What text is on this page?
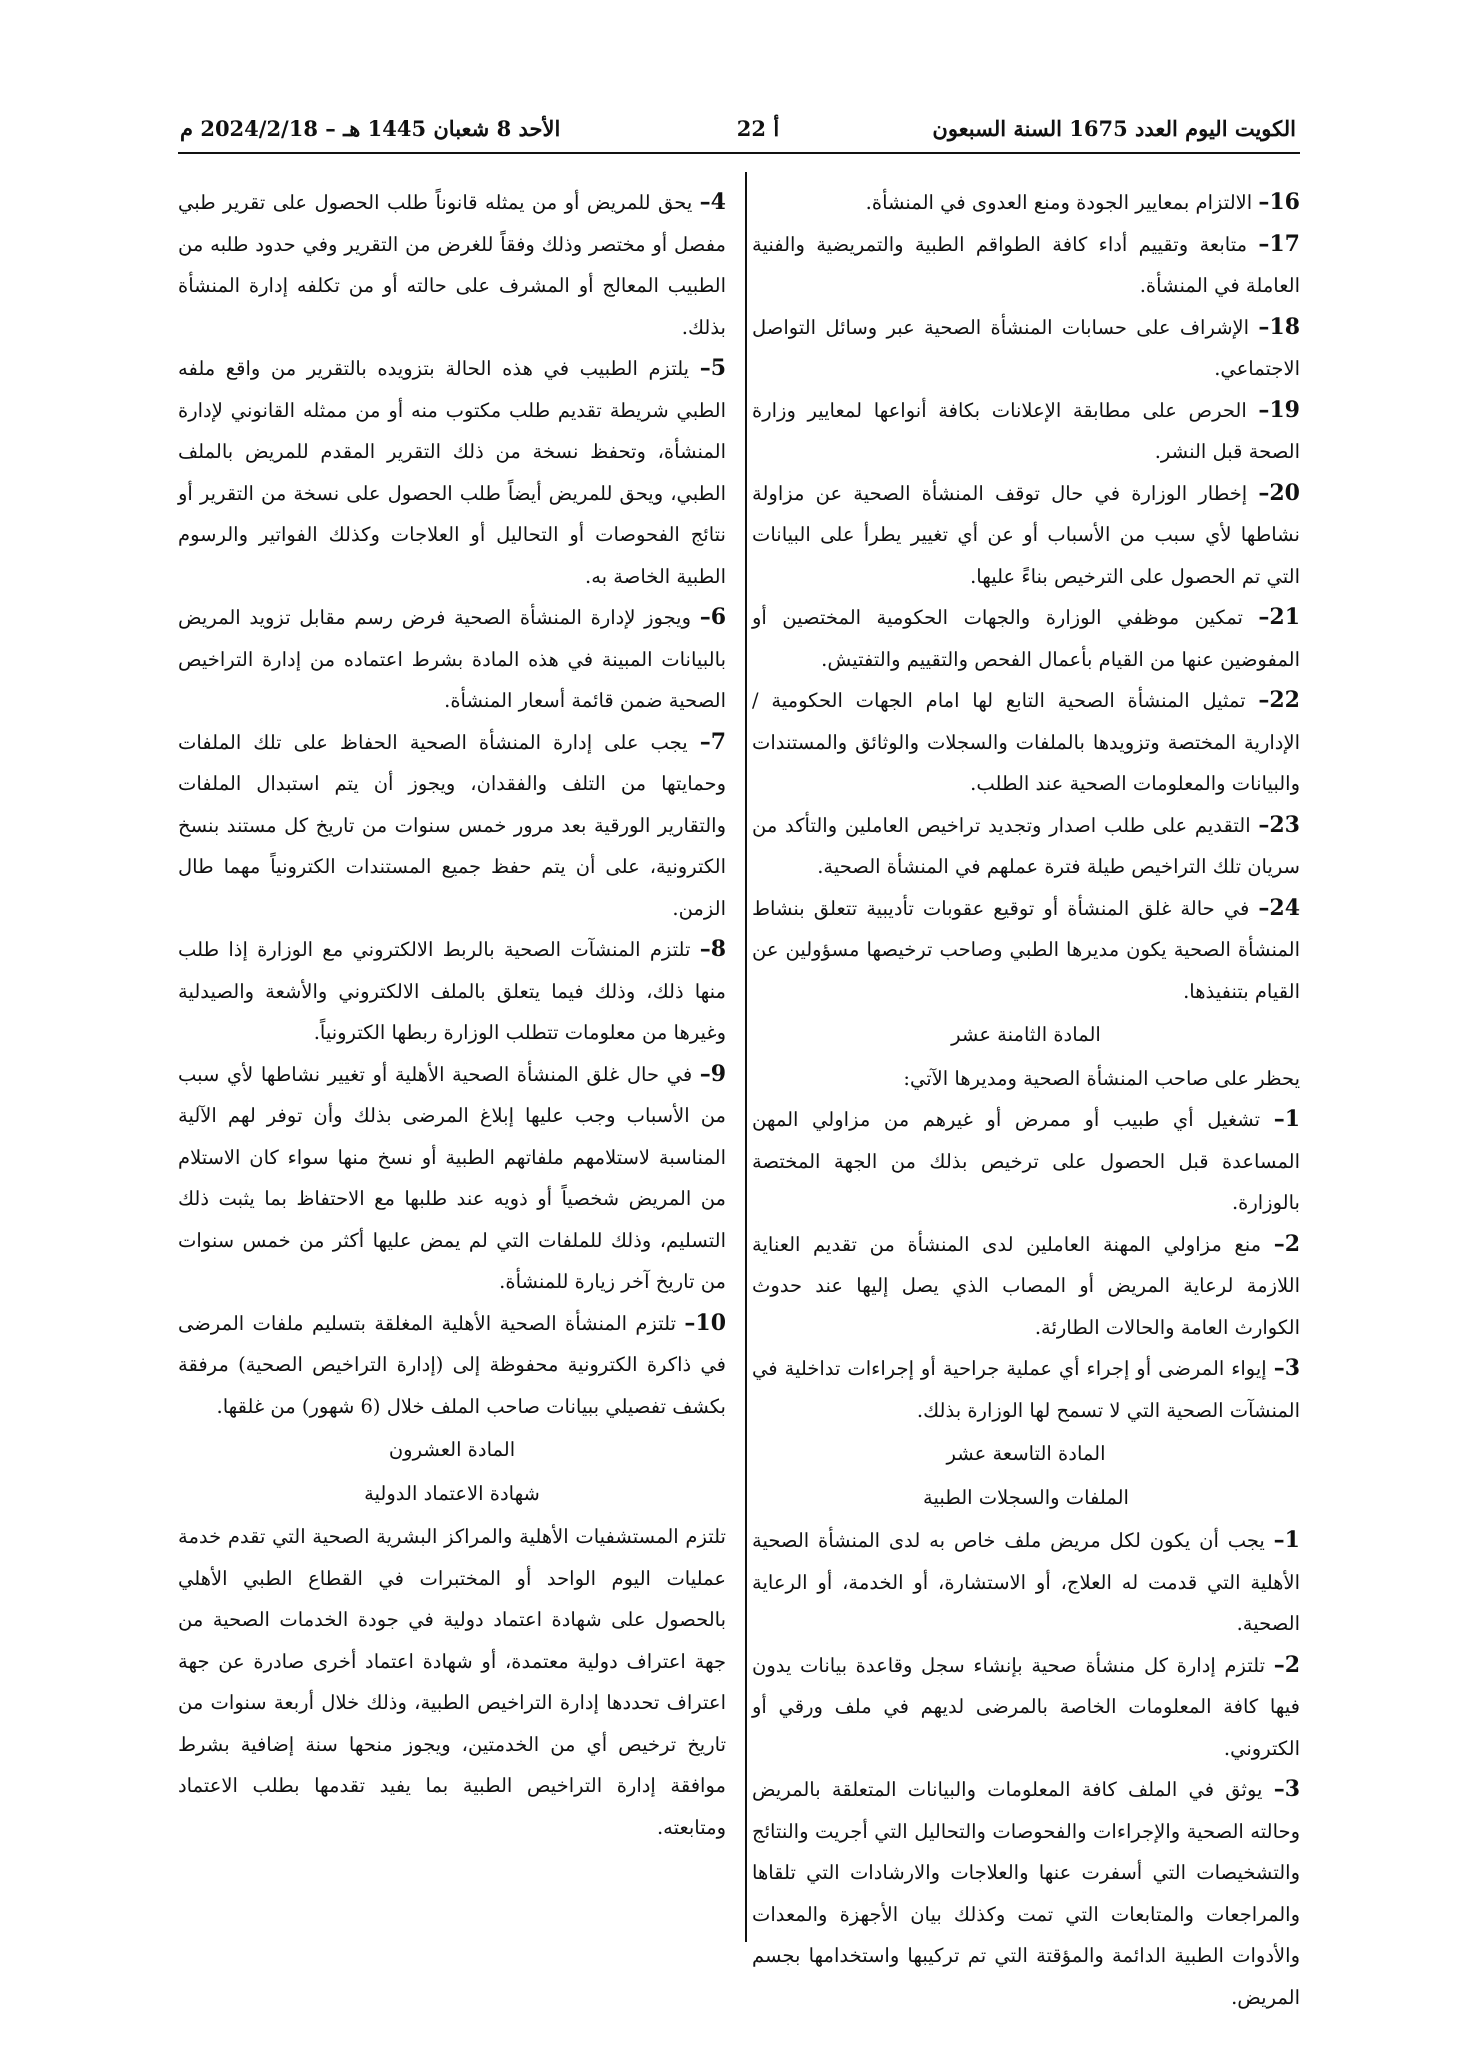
الكويت اليوم العدد 1675 السنة السبعون
أ 22
الأحد 8 شعبان 1445 هـ – 2024/2/18 م

16– الالتزام بمعايير الجودة ومنع العدوى في المنشأة.

17– متابعة وتقييم أداء كافة الطواقم الطبية والتمريضية والفنية العاملة في المنشأة.

18– الإشراف على حسابات المنشأة الصحية عبر وسائل التواصل الاجتماعي.

19– الحرص على مطابقة الإعلانات بكافة أنواعها لمعايير وزارة الصحة قبل النشر.

20– إخطار الوزارة في حال توقف المنشأة الصحية عن مزاولة نشاطها لأي سبب من الأسباب أو عن أي تغيير يطرأ على البيانات التي تم الحصول على الترخيص بناءً عليها.

21– تمكين موظفي الوزارة والجهات الحكومية المختصين أو المفوضين عنها من القيام بأعمال الفحص والتقييم والتفتيش.

22– تمثيل المنشأة الصحية التابع لها امام الجهات الحكومية / الإدارية المختصة وتزويدها بالملفات والسجلات والوثائق والمستندات والبيانات والمعلومات الصحية عند الطلب.

23– التقديم على طلب اصدار وتجديد تراخيص العاملين والتأكد من سريان تلك التراخيص طيلة فترة عملهم في المنشأة الصحية.

24– في حالة غلق المنشأة أو توقيع عقوبات تأديبية تتعلق بنشاط المنشأة الصحية يكون مديرها الطبي وصاحب ترخيصها مسؤولين عن القيام بتنفيذها.

المادة الثامنة عشر

يحظر على صاحب المنشأة الصحية ومديرها الآتي:

1– تشغيل أي طبيب أو ممرض أو غيرهم من مزاولي المهن المساعدة قبل الحصول على ترخيص بذلك من الجهة المختصة بالوزارة.

2– منع مزاولي المهنة العاملين لدى المنشأة من تقديم العناية اللازمة لرعاية المريض أو المصاب الذي يصل إليها عند حدوث الكوارث العامة والحالات الطارئة.

3– إيواء المرضى أو إجراء أي عملية جراحية أو إجراءات تداخلية في المنشآت الصحية التي لا تسمح لها الوزارة بذلك.

المادة التاسعة عشر

الملفات والسجلات الطبية

1– يجب أن يكون لكل مريض ملف خاص به لدى المنشأة الصحية الأهلية التي قدمت له العلاج، أو الاستشارة، أو الخدمة، أو الرعاية الصحية.

2– تلتزم إدارة كل منشأة صحية بإنشاء سجل وقاعدة بيانات يدون فيها كافة المعلومات الخاصة بالمرضى لديهم في ملف ورقي أو الكتروني.

3– يوثق في الملف كافة المعلومات والبيانات المتعلقة بالمريض وحالته الصحية والإجراءات والفحوصات والتحاليل التي أجريت والنتائج والتشخيصات التي أسفرت عنها والعلاجات والارشادات التي تلقاها والمراجعات والمتابعات التي تمت وكذلك بيان الأجهزة والمعدات والأدوات الطبية الدائمة والمؤقتة التي تم تركيبها واستخدامها بجسم المريض.

4– يحق للمريض أو من يمثله قانوناً طلب الحصول على تقرير طبي مفصل أو مختصر وذلك وفقاً للغرض من التقرير وفي حدود طلبه من الطبيب المعالج أو المشرف على حالته أو من تكلفه إدارة المنشأة بذلك.

5– يلتزم الطبيب في هذه الحالة بتزويده بالتقرير من واقع ملفه الطبي شريطة تقديم طلب مكتوب منه أو من ممثله القانوني لإدارة المنشأة، وتحفظ نسخة من ذلك التقرير المقدم للمريض بالملف الطبي، ويحق للمريض أيضاً طلب الحصول على نسخة من التقرير أو نتائج الفحوصات أو التحاليل أو العلاجات وكذلك الفواتير والرسوم الطبية الخاصة به.

6– ويجوز لإدارة المنشأة الصحية فرض رسم مقابل تزويد المريض بالبيانات المبينة في هذه المادة بشرط اعتماده من إدارة التراخيص الصحية ضمن قائمة أسعار المنشأة.

7– يجب على إدارة المنشأة الصحية الحفاظ على تلك الملفات وحمايتها من التلف والفقدان، ويجوز أن يتم استبدال الملفات والتقارير الورقية بعد مرور خمس سنوات من تاريخ كل مستند بنسخ الكترونية، على أن يتم حفظ جميع المستندات الكترونياً مهما طال الزمن.

8– تلتزم المنشآت الصحية بالربط الالكتروني مع الوزارة إذا طلب منها ذلك، وذلك فيما يتعلق بالملف الالكتروني والأشعة والصيدلية وغيرها من معلومات تتطلب الوزارة ربطها الكترونياً.

9– في حال غلق المنشأة الصحية الأهلية أو تغيير نشاطها لأي سبب من الأسباب وجب عليها إبلاغ المرضى بذلك وأن توفر لهم الآلية المناسبة لاستلامهم ملفاتهم الطبية أو نسخ منها سواء كان الاستلام من المريض شخصياً أو ذويه عند طلبها مع الاحتفاظ بما يثبت ذلك التسليم، وذلك للملفات التي لم يمض عليها أكثر من خمس سنوات من تاريخ آخر زيارة للمنشأة.

10– تلتزم المنشأة الصحية الأهلية المغلقة بتسليم ملفات المرضى في ذاكرة الكترونية محفوظة إلى (إدارة التراخيص الصحية) مرفقة بكشف تفصيلي ببيانات صاحب الملف خلال (6 شهور) من غلقها.

المادة العشرون

شهادة الاعتماد الدولية

تلتزم المستشفيات الأهلية والمراكز البشرية الصحية التي تقدم خدمة عمليات اليوم الواحد أو المختبرات في القطاع الطبي الأهلي بالحصول على شهادة اعتماد دولية في جودة الخدمات الصحية من جهة اعتراف دولية معتمدة، أو شهادة اعتماد أخرى صادرة عن جهة اعتراف تحددها إدارة التراخيص الطبية، وذلك خلال أربعة سنوات من تاريخ ترخيص أي من الخدمتين، ويجوز منحها سنة إضافية بشرط موافقة إدارة التراخيص الطبية بما يفيد تقدمها بطلب الاعتماد ومتابعته.
